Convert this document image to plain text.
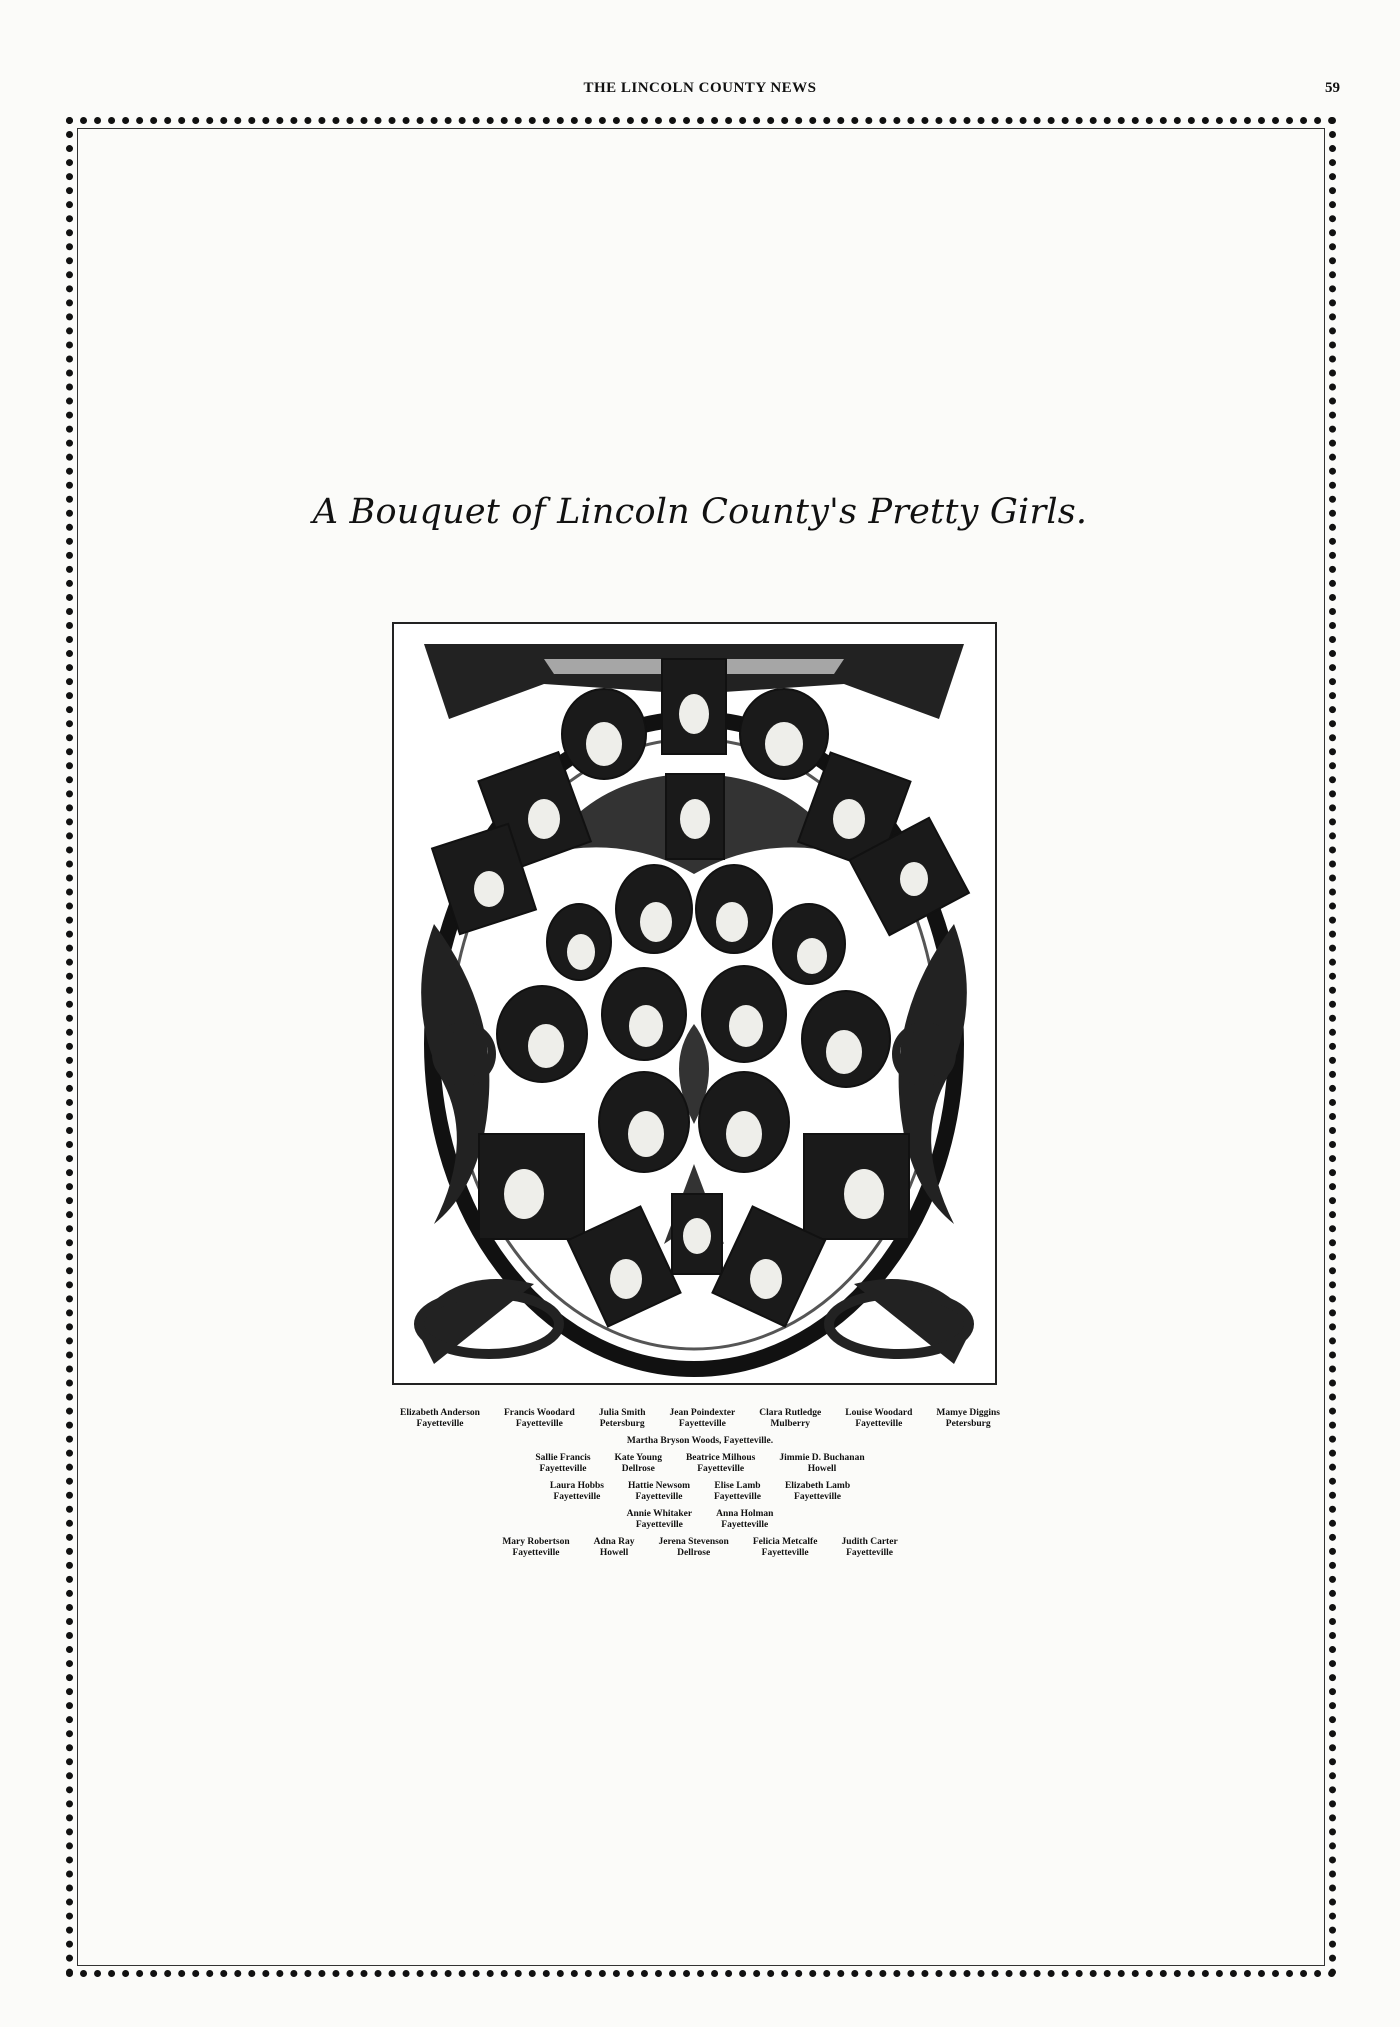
THE LINCOLN COUNTY NEWS	59
A Bouquet of Lincoln County's Pretty Girls.
Elizabeth Anderson
Fayetteville
Francis Woodard
Fayetteville
Julia Smith
Petersburg
Jean Poindexter
Fayetteville
Clara Rutledge
Mulberry
Louise Woodard
Fayetteville
Mamye Diggins
Petersburg
Martha Bryson Woods, Fayetteville.
Sallie Francis
Fayetteville
Kate Young
Dellrose
Beatrice Milhous
Fayetteville
Jimmie D. Buchanan
Howell
Laura Hobbs
Fayetteville
Hattie Newsom
Fayetteville
Elise Lamb
Fayetteville
Elizabeth Lamb
Fayetteville
Annie Whitaker
Fayetteville
Anna Holman
Fayetteville
Mary Robertson
Fayetteville
Adna Ray
Howell
Jerena Stevenson
Dellrose
Felicia Metcalfe
Fayetteville
Judith Carter
Fayetteville
